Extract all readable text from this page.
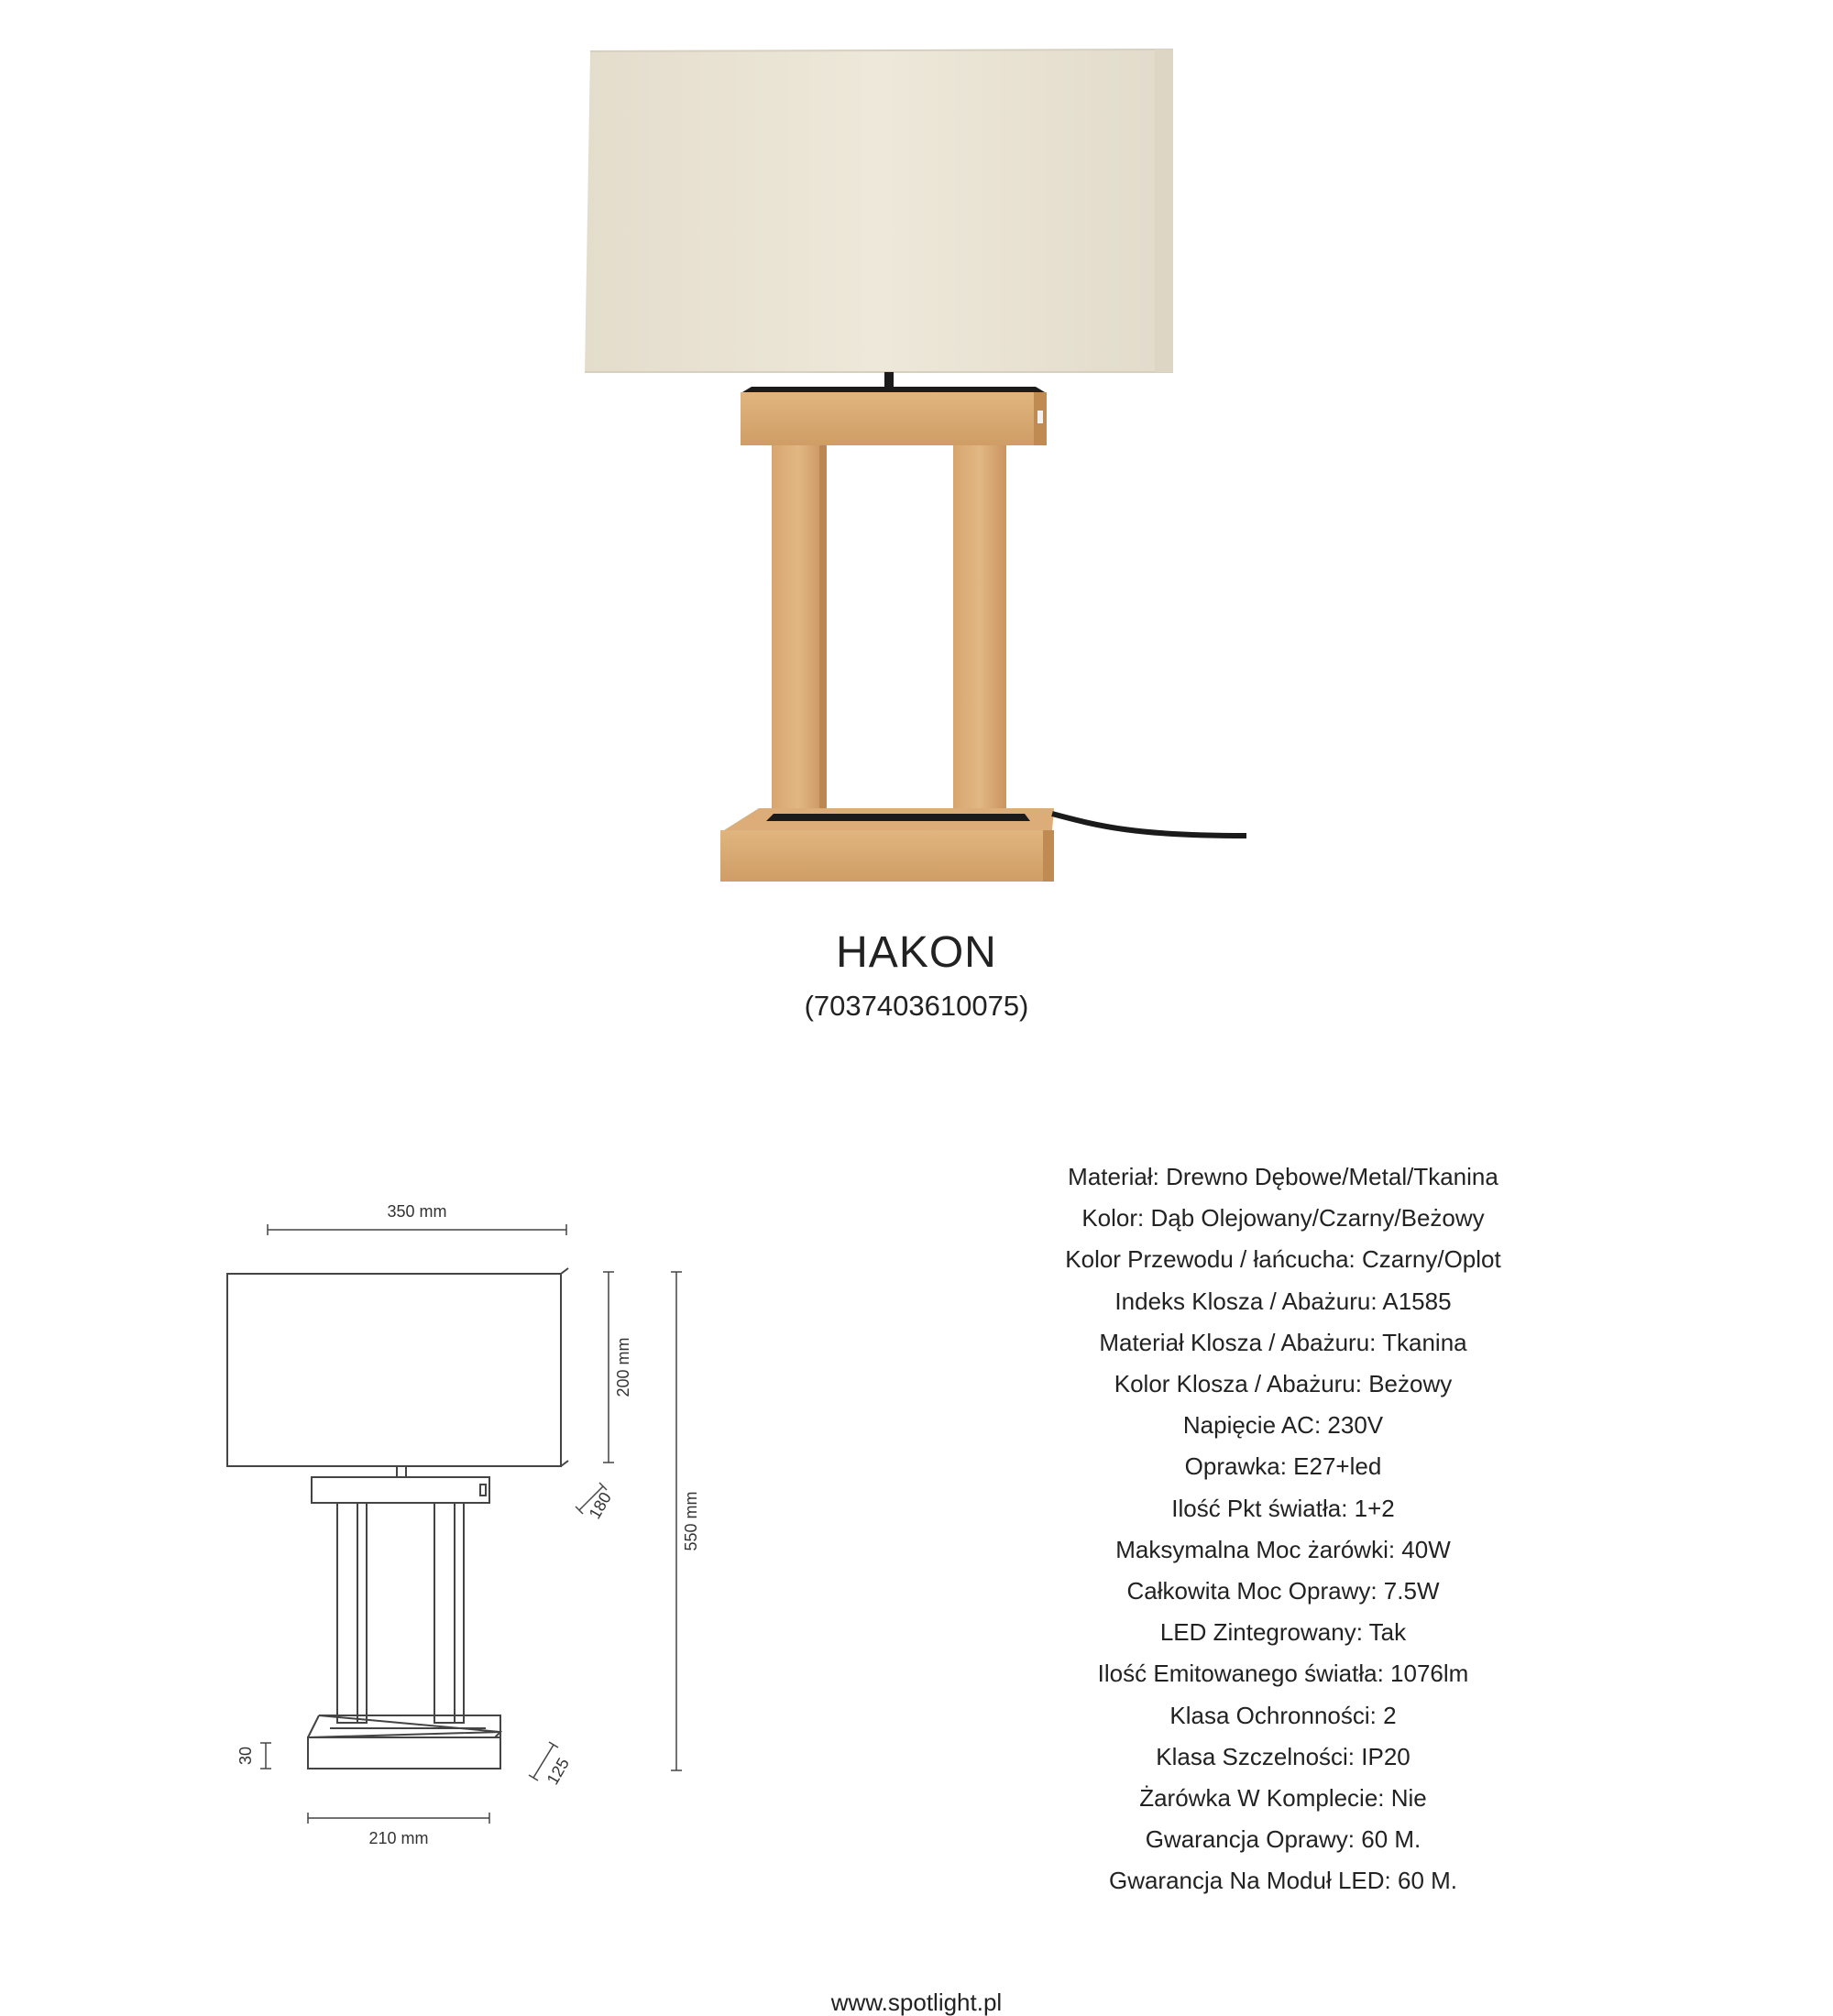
HAKON
(7037403610075)
350 mm
200 mm
550 mm
180
30	125
210 mm
Materiał: Drewno Dębowe/Metal/Tkanina
Kolor: Dąb Olejowany/Czarny/Beżowy
Kolor Przewodu / łańcucha: Czarny/Oplot
Indeks Klosza / Abażuru: A1585
Materiał Klosza / Abażuru: Tkanina
Kolor Klosza / Abażuru: Beżowy
Napięcie AC: 230V
Oprawka: E27+led
Ilość Pkt światła: 1+2
Maksymalna Moc żarówki: 40W
Całkowita Moc Oprawy: 7.5W
LED Zintegrowany: Tak
Ilość Emitowanego światła: 1076lm
Klasa Ochronności: 2
Klasa Szczelności: IP20
Żarówka W Komplecie: Nie
Gwarancja Oprawy: 60 M.
Gwarancja Na Moduł LED: 60 M.
www.spotlight.pl
